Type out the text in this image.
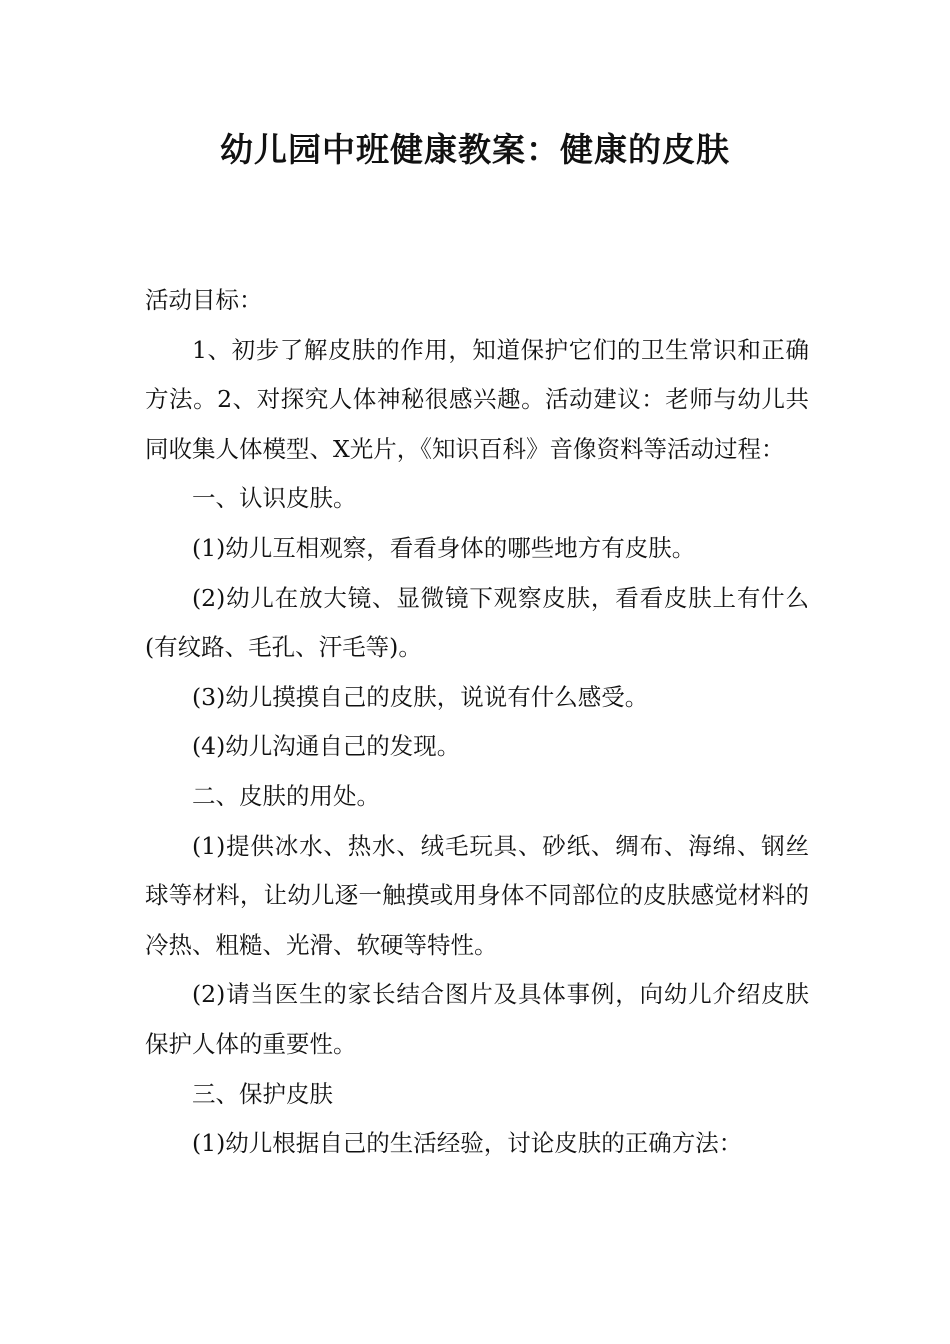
幼儿园中班健康教案：健康的皮肤

活动目标：

1、初步了解皮肤的作用，知道保护它们的卫生常识和正确方法。2、对探究人体神秘很感兴趣。活动建议：老师与幼儿共同收集人体模型、X光片，《知识百科》音像资料等活动过程：

一、认识皮肤。

(1)幼儿互相观察，看看身体的哪些地方有皮肤。

(2)幼儿在放大镜、显微镜下观察皮肤，看看皮肤上有什么(有纹路、毛孔、汗毛等)。

(3)幼儿摸摸自己的皮肤，说说有什么感受。

(4)幼儿沟通自己的发现。

二、皮肤的用处。

(1)提供冰水、热水、绒毛玩具、砂纸、绸布、海绵、钢丝球等材料，让幼儿逐一触摸或用身体不同部位的皮肤感觉材料的冷热、粗糙、光滑、软硬等特性。

(2)请当医生的家长结合图片及具体事例，向幼儿介绍皮肤保护人体的重要性。

三、保护皮肤

(1)幼儿根据自己的生活经验，讨论皮肤的正确方法：
